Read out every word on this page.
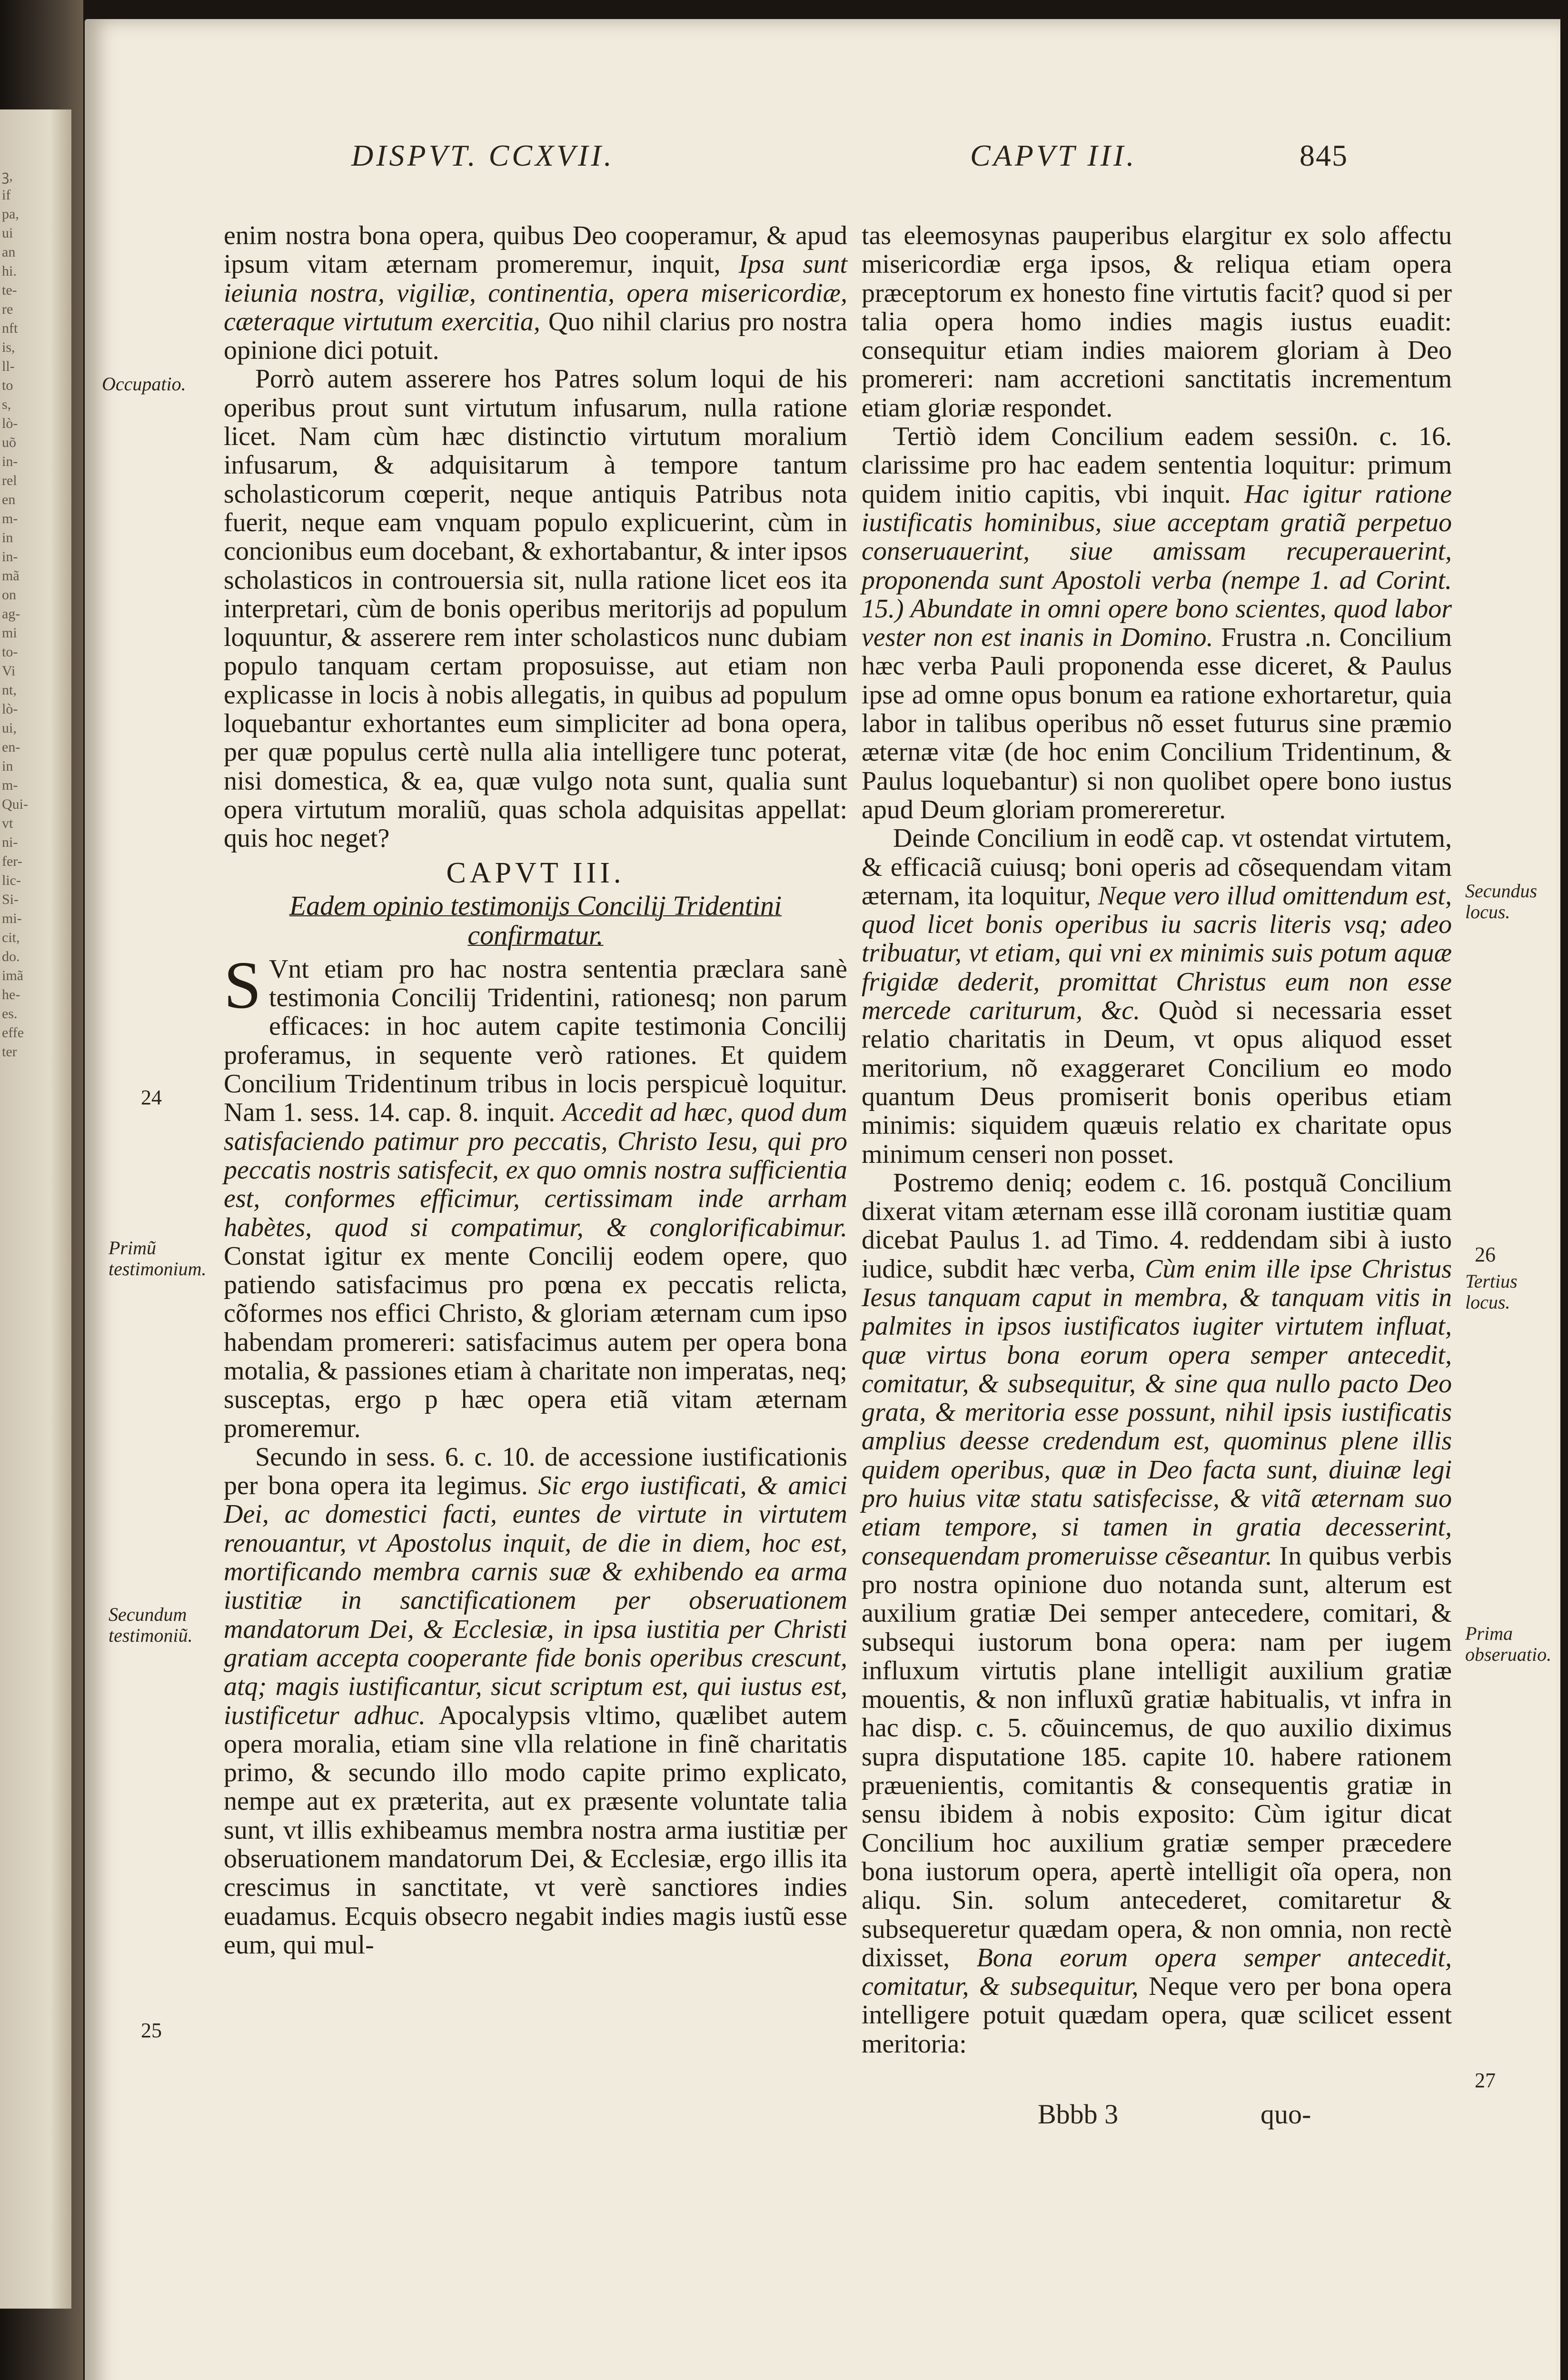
ꝫ,
if
pa,
ui
an
hi.
te-
re
nft
is,
ll-
to
s,
lò-
uõ
in-
rel
en
m-
in
in-
mã
on
ag-
mi
to-
Vi
nt,
lò-
ui,
en-
in
m-
Qui-
vt
ni-
fer-
lic-
Si-
mi-
cit,
do.
imã
he-
es.
effe
ter
DISPVT. CCXVII.	CAPVT III.	845

enim nostra bona opera, quibus Deo cooperamur, & apud ipsum vitam æternam promeremur, inquit, Ipsa sunt ieiunia nostra, vigiliæ, continentia, opera misericordiæ, cæteraque virtutum exercitia, Quo nihil clarius pro nostra opinione dici potuit.

Porrò autem asserere hos Patres solum loqui de his operibus prout sunt virtutum infusarum, nulla ratione licet. Nam cùm hæc distinctio virtutum moralium infusarum, & adquisitarum à tempore tantum scholasticorum cœperit, neque antiquis Patribus nota fuerit, neque eam vnquam populo explicuerint, cùm in concionibus eum docebant, & exhortabantur, & inter ipsos scholasticos in controuersia sit, nulla ratione licet eos ita interpretari, cùm de bonis operibus meritorijs ad populum loquuntur, & asserere rem inter scholasticos nunc dubiam populo tanquam certam proposuisse, aut etiam non explicasse in locis à nobis allegatis, in quibus ad populum loquebantur exhortantes eum simpliciter ad bona opera, per quæ populus certè nulla alia intelligere tunc poterat, nisi domestica, & ea, quæ vulgo nota sunt, qualia sunt opera virtutum moraliũ, quas schola adquisitas appellat: quis hoc neget?

CAPVT III.
Eadem opinio testimonijs Concilij Tridentini confirmatur.

S Vnt etiam pro hac nostra sententia præclara sanè testimonia Concilij Tridentini, rationesq; non parum efficaces: in hoc autem capite testimonia Concilij proferamus, in sequente verò rationes. Et quidem Concilium Tridentinum tribus in locis perspicuè loquitur. Nam 1. sess. 14. cap. 8. inquit. Accedit ad hæc, quod dum satisfaciendo patimur pro peccatis, Christo Iesu, qui pro peccatis nostris satisfecit, ex quo omnis nostra sufficientia est, conformes efficimur, certissimam inde arrham habètes, quod si compatimur, & conglorificabimur. Constat igitur ex mente Concilij eodem opere, quo patiendo satisfacimus pro pœna ex peccatis relicta, cõformes nos effici Christo, & gloriam æternam cum ipso habendam promereri: satisfacimus autem per opera bona motalia, & passiones etiam à charitate non imperatas, neq; susceptas, ergo p hæc opera etiã vitam æternam promeremur.

Secundo in sess. 6. c. 10. de accessione iustificationis per bona opera ita legimus. Sic ergo iustificati, & amici Dei, ac domestici facti, euntes de virtute in virtutem renouantur, vt Apostolus inquit, de die in diem, hoc est, mortificando membra carnis suæ & exhibendo ea arma iustitiæ in sanctificationem per obseruationem mandatorum Dei, & Ecclesiæ, in ipsa iustitia per Christi gratiam accepta cooperante fide bonis operibus crescunt, atq; magis iustificantur, sicut scriptum est, qui iustus est, iustificetur adhuc. Apocalypsis vltimo, quælibet autem opera moralia, etiam sine vlla relatione in finẽ charitatis primo, & secundo illo modo capite primo explicato, nempe aut ex præterita, aut ex præsente voluntate talia sunt, vt illis exhibeamus membra nostra arma iustitiæ per obseruationem mandatorum Dei, & Ecclesiæ, ergo illis ita crescimus in sanctitate, vt verè sanctiores indies euadamus. Ecquis obsecro negabit indies magis iustũ esse eum, qui mul-

tas eleemosynas pauperibus elargitur ex solo affectu misericordiæ erga ipsos, & reliqua etiam opera præceptorum ex honesto fine virtutis facit? quod si per talia opera homo indies magis iustus euadit: consequitur etiam indies maiorem gloriam à Deo promereri: nam accretioni sanctitatis incrementum etiam gloriæ respondet.

Tertiò idem Concilium eadem sessi0n. c. 16. clarissime pro hac eadem sententia loquitur: primum quidem initio capitis, vbi inquit. Hac igitur ratione iustificatis hominibus, siue acceptam gratiã perpetuo conseruauerint, siue amissam recuperauerint, proponenda sunt Apostoli verba (nempe 1. ad Corint. 15.) Abundate in omni opere bono scientes, quod labor vester non est inanis in Domino. Frustra .n. Concilium hæc verba Pauli proponenda esse diceret, & Paulus ipse ad omne opus bonum ea ratione exhortaretur, quia labor in talibus operibus nõ esset futurus sine præmio æternæ vitæ (de hoc enim Concilium Tridentinum, & Paulus loquebantur) si non quolibet opere bono iustus apud Deum gloriam promereretur.

Deinde Concilium in eodẽ cap. vt ostendat virtutem, & efficaciã cuiusq; boni operis ad cõsequendam vitam æternam, ita loquitur, Neque vero illud omittendum est, quod licet bonis operibus iu sacris literis vsq; adeo tribuatur, vt etiam, qui vni ex minimis suis potum aquæ frigidæ dederit, promittat Christus eum non esse mercede cariturum, &c. Quòd si necessaria esset relatio charitatis in Deum, vt opus aliquod esset meritorium, nõ exaggeraret Concilium eo modo quantum Deus promiserit bonis operibus etiam minimis: siquidem quæuis relatio ex charitate opus minimum censeri non posset.

Postremo deniq; eodem c. 16. postquã Concilium dixerat vitam æternam esse illã coronam iustitiæ quam dicebat Paulus 1. ad Timo. 4. reddendam sibi à iusto iudice, subdit hæc verba, Cùm enim ille ipse Christus Iesus tanquam caput in membra, & tanquam vitis in palmites in ipsos iustificatos iugiter virtutem influat, quæ virtus bona eorum opera semper antecedit, comitatur, & subsequitur, & sine qua nullo pacto Deo grata, & meritoria esse possunt, nihil ipsis iustificatis amplius deesse credendum est, quominus plene illis quidem operibus, quæ in Deo facta sunt, diuinæ legi pro huius vitæ statu satisfecisse, & vitã æternam suo etiam tempore, si tamen in gratia decesserint, consequendam promeruisse cẽseantur. In quibus verbis pro nostra opinione duo notanda sunt, alterum est auxilium gratiæ Dei semper antecedere, comitari, & subsequi iustorum bona opera: nam per iugem influxum virtutis plane intelligit auxilium gratiæ mouentis, & non influxũ gratiæ habitualis, vt infra in hac disp. c. 5. cõuincemus, de quo auxilio diximus supra disputatione 185. capite 10. habere rationem præuenientis, comitantis & consequentis gratiæ in sensu ibidem à nobis exposito: Cùm igitur dicat Concilium hoc auxilium gratiæ semper præcedere bona iustorum opera, apertè intelligit oĩa opera, non aliqu. Sin. solum antecederet, comitaretur & subsequeretur quædam opera, & non omnia, non rectè dixisset, Bona eorum opera semper antecedit, comitatur, & subsequitur, Neque vero per bona opera intelligere potuit quædam opera, quæ scilicet essent meritoria:

Occupatio.
24
Primũ testimonium.
Secundum testimoniũ.
25
Secundus locus.
26
Tertius locus.
Prima obseruatio.
27
Bbbb 3	quo-
